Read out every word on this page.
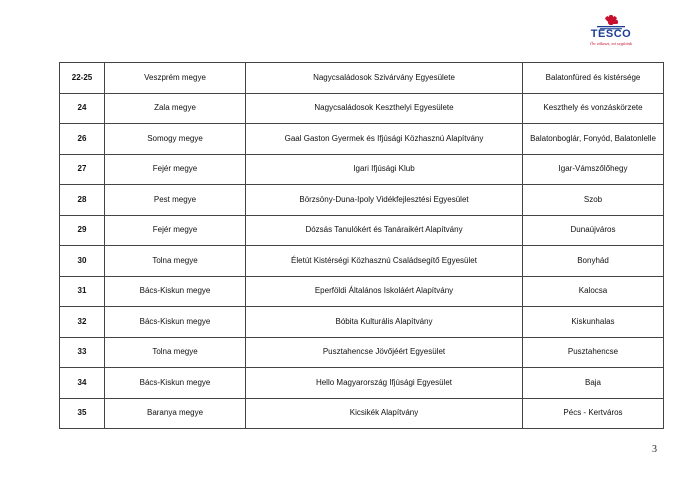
TESCO
Ön választ, mi segítünk
22-25	Veszprém megye	Nagycsaládosok Szivárvány Egyesülete	Balatonfüred és kistérsége
24	Zala megye	Nagycsaládosok Keszthelyi Egyesülete	Keszthely és vonzáskörzete
26	Somogy megye	Gaal Gaston Gyermek és Ifjúsági Közhasznú Alapítvány	Balatonboglár, Fonyód, Balatonlelle
27	Fejér megye	Igari Ifjúsági Klub	Igar-Vámszőlőhegy
28	Pest megye	Börzsöny-Duna-Ipoly Vidékfejlesztési Egyesület	Szob
29	Fejér megye	Dózsás Tanulókért és Tanáraikért Alapítvány	Dunaújváros
30	Tolna megye	Életút Kistérségi Közhasznú Családsegítő Egyesület	Bonyhád
31	Bács-Kiskun megye	Eperföldi Általános Iskoláért Alapítvány	Kalocsa
32	Bács-Kiskun megye	Bóbita Kulturális Alapítvány	Kiskunhalas
33	Tolna megye	Pusztahencse Jövőjéért Egyesület	Pusztahencse
34	Bács-Kiskun megye	Hello Magyarország Ifjúsági Egyesület	Baja
35	Baranya megye	Kicsikék Alapítvány	Pécs - Kertváros
3
